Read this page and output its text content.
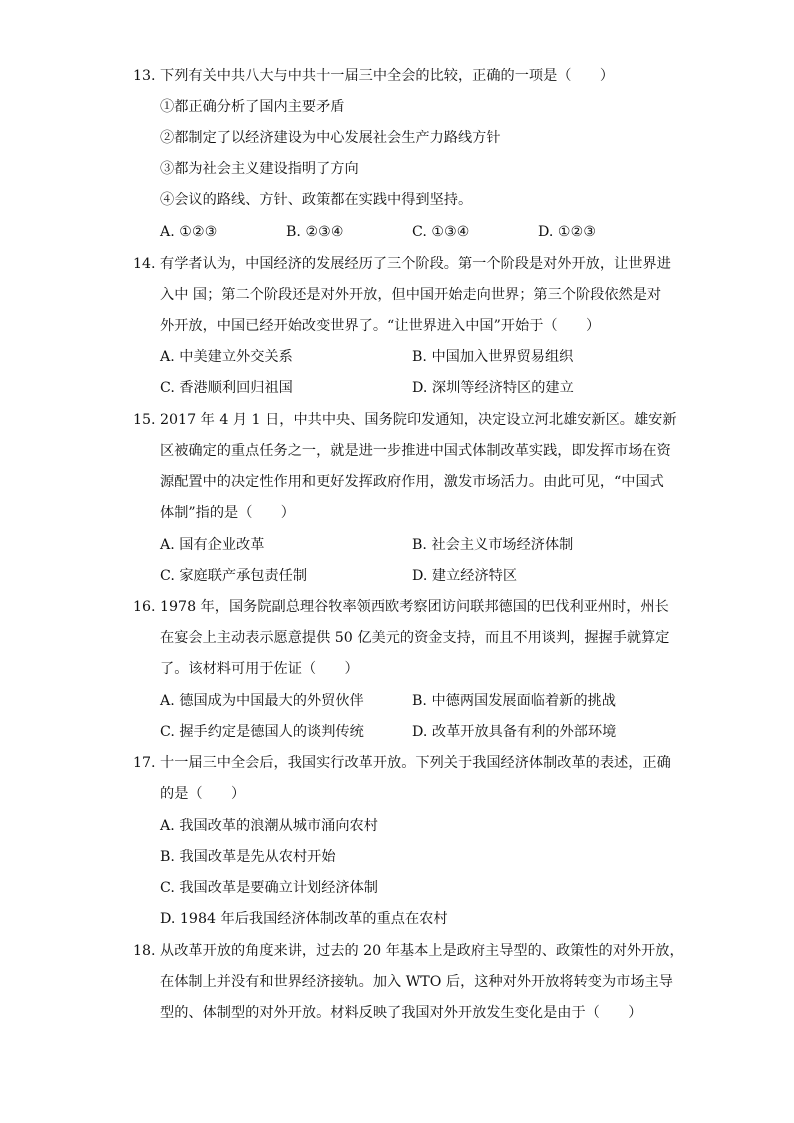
13. 下列有关中共八大与中共十一届三中全会的比较，正确的一项是（　　）
①都正确分析了国内主要矛盾
②都制定了以经济建设为中心发展社会生产力路线方针
③都为社会主义建设指明了方向
④会议的路线、方针、政策都在实践中得到坚持。
A. ①②③	B. ②③④	C. ①③④	D. ①②③
14. 有学者认为，中国经济的发展经历了三个阶段。第一个阶段是对外开放，让世界进
入中 国；第二个阶段还是对外开放，但中国开始走向世界；第三个阶段依然是对
外开放，中国已经开始改变世界了。“让世界进入中国”开始于（　　）
A. 中美建立外交关系	B. 中国加入世界贸易组织
C. 香港顺利回归祖国	D. 深圳等经济特区的建立
15. 2017 年 4 月 1 日，中共中央、国务院印发通知，决定设立河北雄安新区。雄安新
区被确定的重点任务之一，就是进一步推进中国式体制改革实践，即发挥市场在资
源配置中的决定性作用和更好发挥政府作用，激发市场活力。由此可见，“中国式
体制”指的是（　　）
A. 国有企业改革	B. 社会主义市场经济体制
C. 家庭联产承包责任制	D. 建立经济特区
16. 1978 年，国务院副总理谷牧率领西欧考察团访问联邦德国的巴伐利亚州时，州长
在宴会上主动表示愿意提供 50 亿美元的资金支持，而且不用谈判，握握手就算定
了。该材料可用于佐证（　　）
A. 德国成为中国最大的外贸伙伴	B. 中德两国发展面临着新的挑战
C. 握手约定是德国人的谈判传统	D. 改革开放具备有利的外部环境
17. 十一届三中全会后，我国实行改革开放。下列关于我国经济体制改革的表述，正确
的是（　　）
A. 我国改革的浪潮从城市涌向农村
B. 我国改革是先从农村开始
C. 我国改革是要确立计划经济体制
D. 1984 年后我国经济体制改革的重点在农村
18. 从改革开放的角度来讲，过去的 20 年基本上是政府主导型的、政策性的对外开放，
在体制上并没有和世界经济接轨。加入 WTO 后，这种对外开放将转变为市场主导
型的、体制型的对外开放。材料反映了我国对外开放发生变化是由于（　　）
